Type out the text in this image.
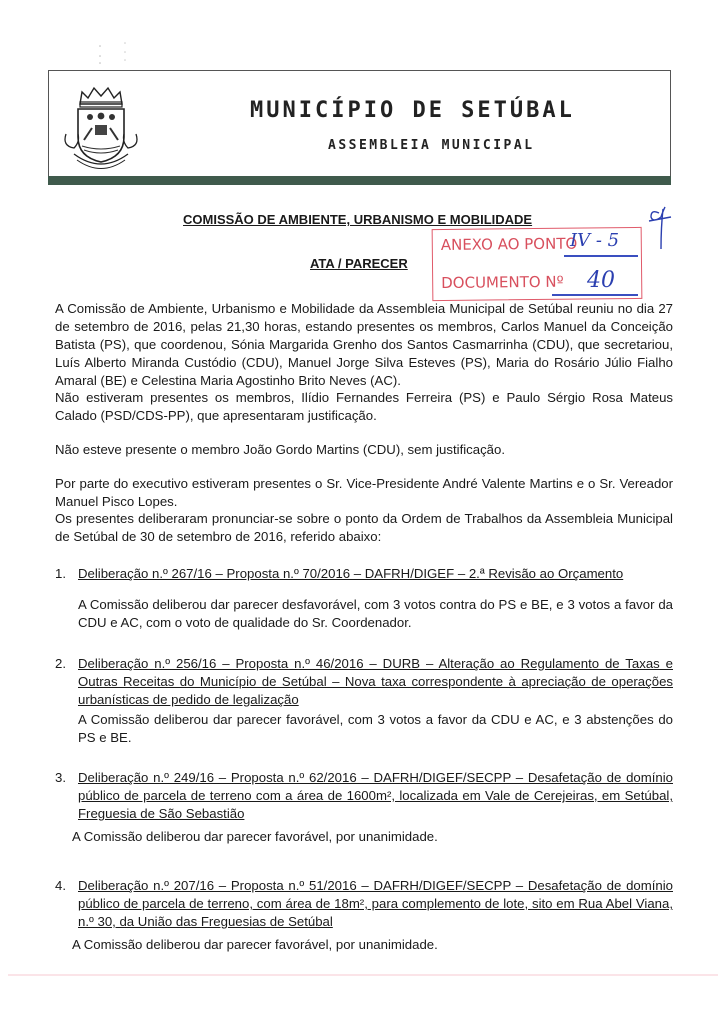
MUNICÍPIO DE SETÚBAL
ASSEMBLEIA MUNICIPAL
COMISSÃO DE AMBIENTE, URBANISMO E MOBILIDADE
ATA / PARECER
ANEXO AO PONTO
DOCUMENTO Nº
IV - 5
40
A Comissão de Ambiente, Urbanismo e Mobilidade da Assembleia Municipal de Setúbal reuniu no dia 27 de setembro de 2016, pelas 21,30 horas, estando presentes os membros, Carlos Manuel da Conceição Batista (PS), que coordenou, Sónia Margarida Grenho dos Santos Casmarrinha (CDU), que secretariou, Luís Alberto Miranda Custódio (CDU), Manuel Jorge Silva Esteves (PS), Maria do Rosário Júlio Fialho Amaral (BE) e Celestina Maria Agostinho Brito Neves (AC).
Não estiveram presentes os membros, Ilídio Fernandes Ferreira (PS) e Paulo Sérgio Rosa Mateus Calado (PSD/CDS-PP), que apresentaram justificação.
Não esteve presente o membro João Gordo Martins (CDU), sem justificação.
Por parte do executivo estiveram presentes o Sr. Vice-Presidente André Valente Martins e o Sr. Vereador Manuel Pisco Lopes.
Os presentes deliberaram pronunciar-se sobre o ponto da Ordem de Trabalhos da Assembleia Municipal de Setúbal de 30 de setembro de 2016, referido abaixo:
1. Deliberação n.º 267/16 – Proposta n.º 70/2016 – DAFRH/DIGEF – 2.ª Revisão ao Orçamento
A Comissão deliberou dar parecer desfavorável, com 3 votos contra do PS e BE, e 3 votos a favor da CDU e AC, com o voto de qualidade do Sr. Coordenador.
2. Deliberação n.º 256/16 – Proposta n.º 46/2016 – DURB – Alteração ao Regulamento de Taxas e Outras Receitas do Município de Setúbal – Nova taxa correspondente à apreciação de operações urbanísticas de pedido de legalização
A Comissão deliberou dar parecer favorável, com 3 votos a favor da CDU e AC, e 3 abstenções do PS e BE.
3. Deliberação n.º 249/16 – Proposta n.º 62/2016 – DAFRH/DIGEF/SECPP – Desafetação de domínio público de parcela de terreno com a área de 1600m², localizada em Vale de Cerejeiras, em Setúbal, Freguesia de São Sebastião
A Comissão deliberou dar parecer favorável, por unanimidade.
4. Deliberação n.º 207/16 – Proposta n.º 51/2016 – DAFRH/DIGEF/SECPP – Desafetação de domínio público de parcela de terreno, com área de 18m², para complemento de lote, sito em Rua Abel Viana, n.º 30, da União das Freguesias de Setúbal
A Comissão deliberou dar parecer favorável, por unanimidade.
